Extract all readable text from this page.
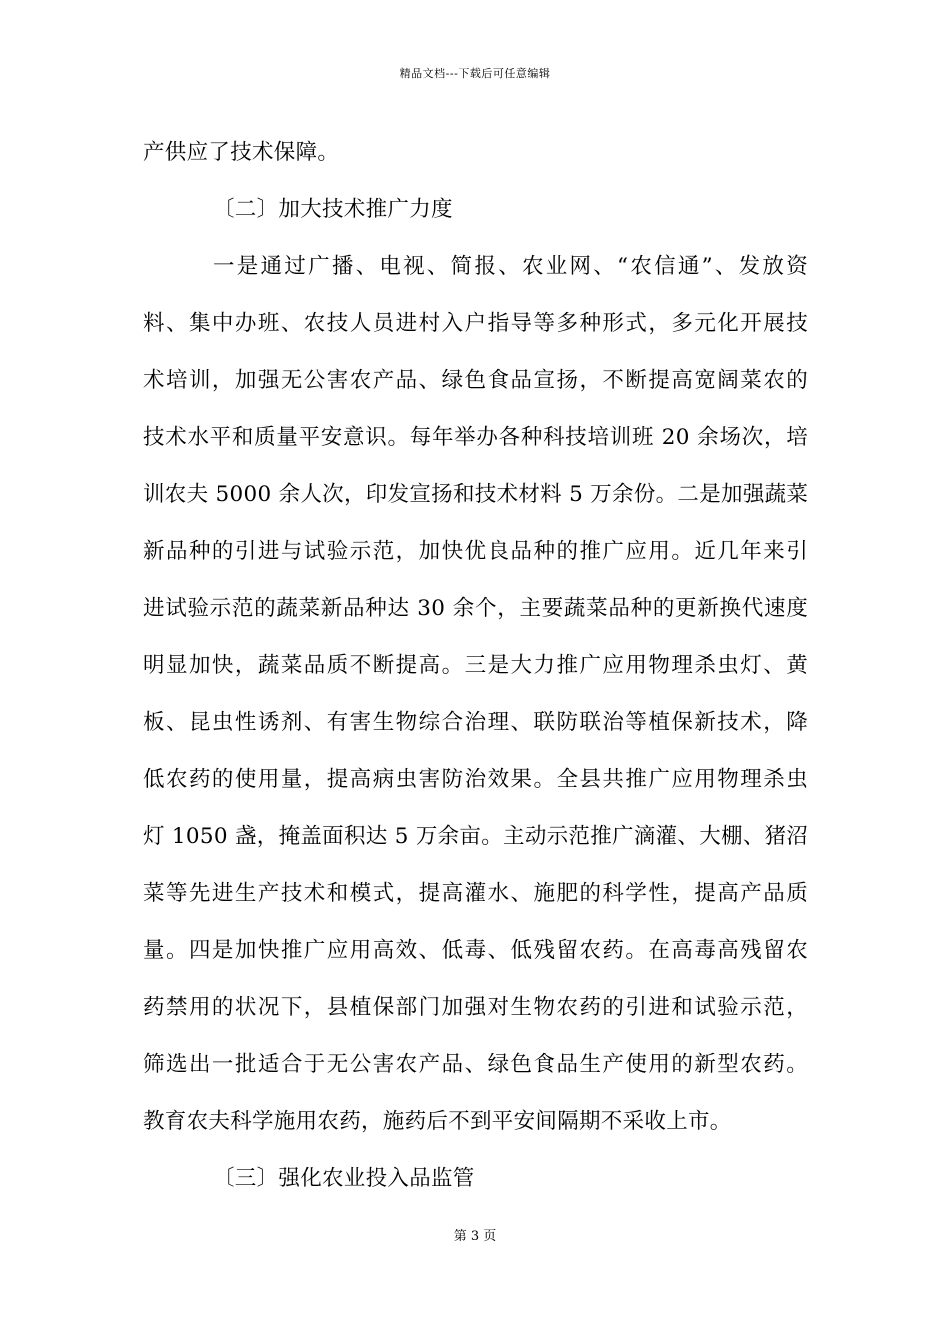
精品文档---下载后可任意编辑
产供应了技术保障。
〔二〕加大技术推广力度
一是通过广播、电视、简报、农业网、“农信通”、发放资
料、集中办班、农技人员进村入户指导等多种形式，多元化开展技
术培训，加强无公害农产品、绿色食品宣扬，不断提高宽阔菜农的
技术水平和质量平安意识。每年举办各种科技培训班 20 余场次，培
训农夫 5000 余人次，印发宣扬和技术材料 5 万余份。二是加强蔬菜
新品种的引进与试验示范，加快优良品种的推广应用。近几年来引
进试验示范的蔬菜新品种达 30 余个，主要蔬菜品种的更新换代速度
明显加快，蔬菜品质不断提高。三是大力推广应用物理杀虫灯、黄
板、昆虫性诱剂、有害生物综合治理、联防联治等植保新技术，降
低农药的使用量，提高病虫害防治效果。全县共推广应用物理杀虫
灯 1050 盏，掩盖面积达 5 万余亩。主动示范推广滴灌、大棚、猪沼
菜等先进生产技术和模式，提高灌水、施肥的科学性，提高产品质
量。四是加快推广应用高效、低毒、低残留农药。在高毒高残留农
药禁用的状况下，县植保部门加强对生物农药的引进和试验示范，
筛选出一批适合于无公害农产品、绿色食品生产使用的新型农药。
教育农夫科学施用农药，施药后不到平安间隔期不采收上市。
〔三〕强化农业投入品监管
第 3 页
